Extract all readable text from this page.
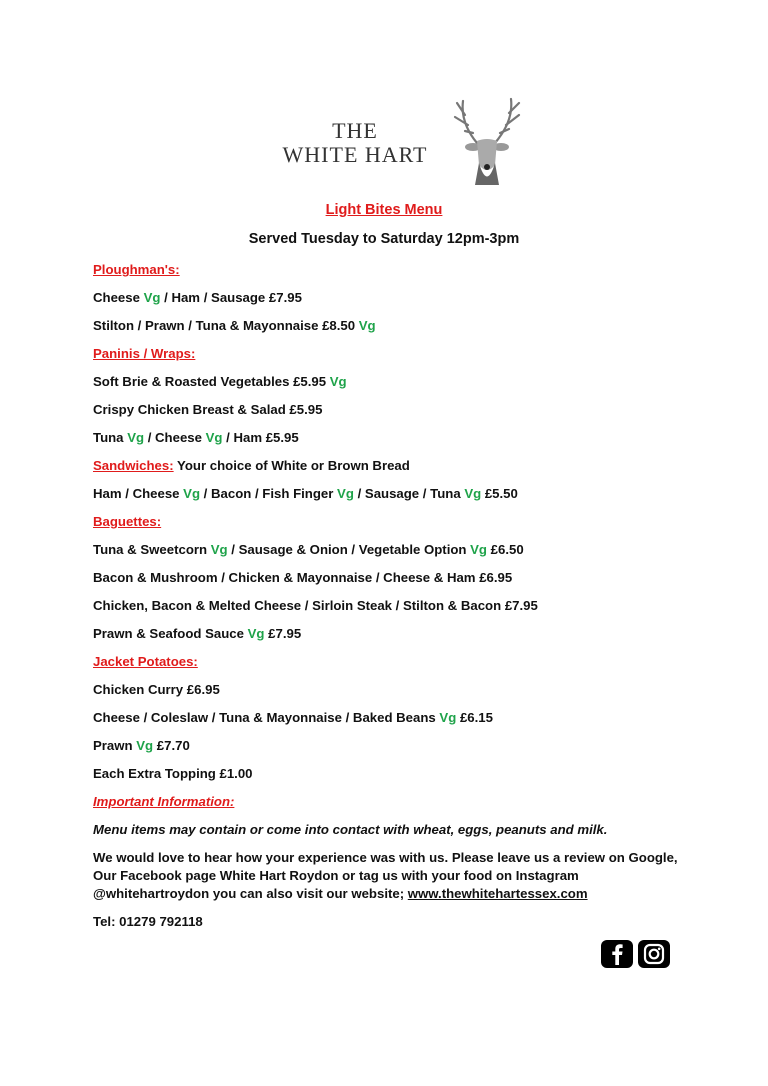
THE
WHITE HART
Light Bites Menu
Served Tuesday to Saturday 12pm-3pm
Ploughman's:
Cheese Vg / Ham / Sausage £7.95
Stilton / Prawn / Tuna & Mayonnaise £8.50 Vg
Paninis / Wraps:
Soft Brie & Roasted Vegetables £5.95 Vg
Crispy Chicken Breast & Salad £5.95
Tuna Vg / Cheese Vg / Ham £5.95
Sandwiches: Your choice of White or Brown Bread
Ham / Cheese Vg / Bacon / Fish Finger Vg / Sausage / Tuna Vg £5.50
Baguettes:
Tuna & Sweetcorn Vg / Sausage & Onion / Vegetable Option Vg £6.50
Bacon & Mushroom / Chicken & Mayonnaise / Cheese & Ham £6.95
Chicken, Bacon & Melted Cheese / Sirloin Steak / Stilton & Bacon £7.95
Prawn & Seafood Sauce Vg £7.95
Jacket Potatoes:
Chicken Curry £6.95
Cheese / Coleslaw / Tuna & Mayonnaise / Baked Beans Vg £6.15
Prawn Vg £7.70
Each Extra Topping £1.00
Important Information:
Menu items may contain or come into contact with wheat, eggs, peanuts and milk.
We would love to hear how your experience was with us. Please leave us a review on Google, Our Facebook page White Hart Roydon or tag us with your food on Instagram @whitehartroydon you can also visit our website; www.thewhitehartessex.com
Tel: 01279 792118
